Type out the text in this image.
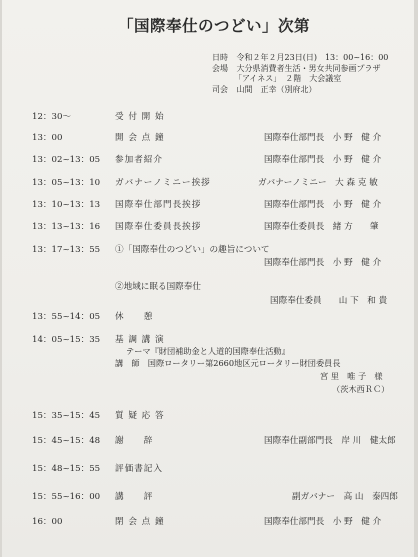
「国際奉仕のつどい」次第
日時 令和２年２月23日(日)　13：00~16：00
会場 大分県消費者生活・男女共同参画プラザ
「アイネス」　２階　大会議室
司会 山間　正幸（別府北）
12：30～	受 付 開 始
13：00	開 会 点 鐘	国際奉仕部門長　小 野　健 介
13：02~13：05 参加者紹介	国際奉仕部門長　小 野　健 介
13：05~13：10 ガバナーノミニー挨拶	ガバナーノミニー　大 森 克 敏
13：10~13：13 国際奉仕部門長挨拶	国際奉仕部門長　小 野　健 介
13：13~13：16 国際奉仕委員長挨拶	国際奉仕委員長　緒 方　　肇
13：17~13：55 ①「国際奉仕のつどい」の趣旨について
国際奉仕部門長　小 野　健 介
②地域に眠る国際奉仕
国際奉仕委員　　山 下　和 貴
13：55~14：05 休　　憩
14：05~15：35 基 調 講 演
テーマ『財団補助金と人道的国際奉仕活動』
講　師　国際ロータリー第2660地区元ロータリー財団委員長
宮 里　唯 子　様
（茨木西ＲＣ）
15：35~15：45 質 疑 応 答
15：45~15：48 謝　　辞	国際奉仕副部門長　岸 川　健太郎
15：48~15：55 評価書記入
15：55~16：00 講　　評	副ガバナー　高 山　泰四郎
16：00	閉 会 点 鐘	国際奉仕部門長　小 野　健 介
